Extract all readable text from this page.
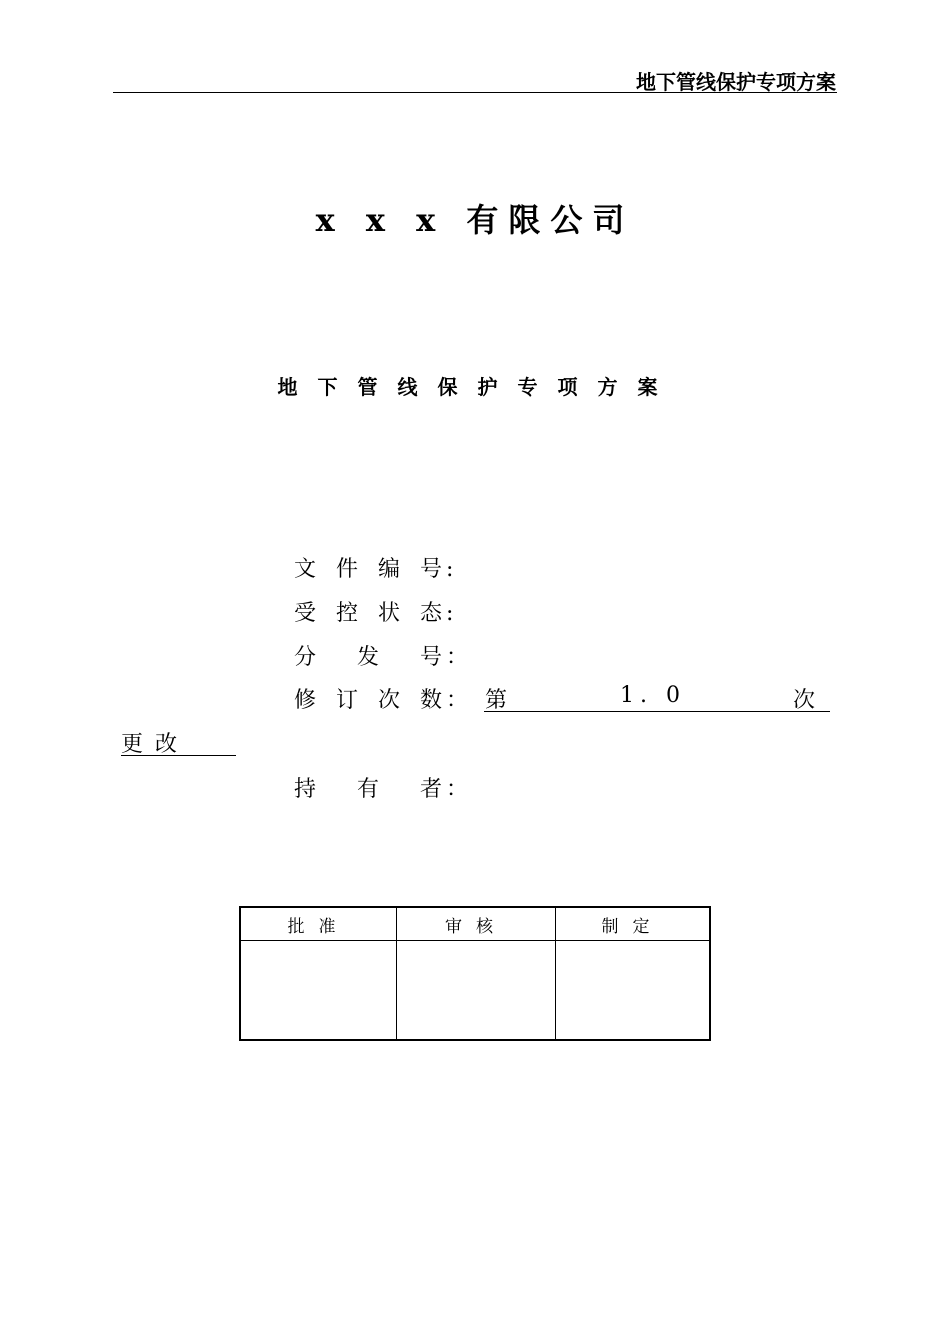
地下管线保护专项方案
x x x 有限公司
地下管线保护专项方案
文 件 编 号 :
受 控 状 态 :
分 发 号 ：
修 订 次 数 ： 第	1. 0	次
更改
持 有 者 ：
批准	审核	制定
